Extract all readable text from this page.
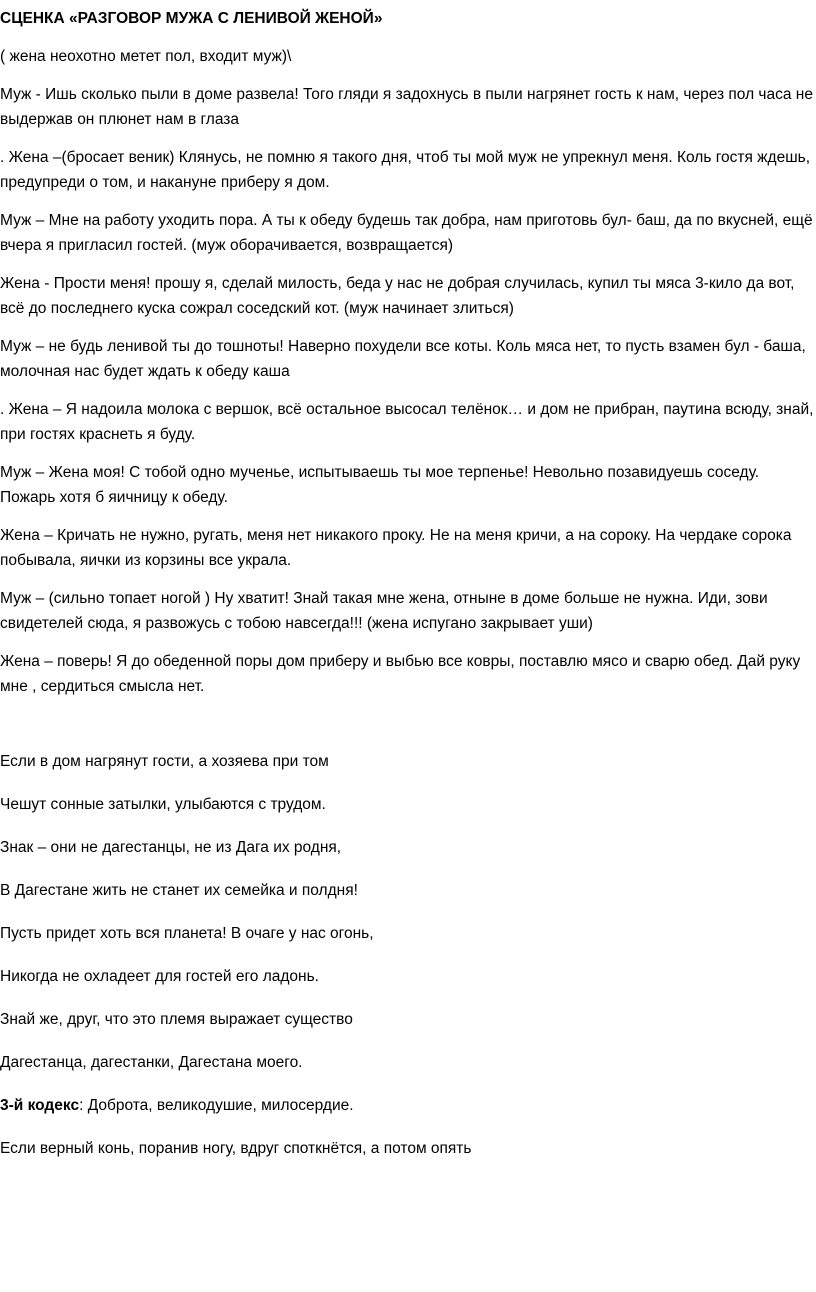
СЦЕНКА «РАЗГОВОР МУЖА С ЛЕНИВОЙ ЖЕНОЙ»
( жена неохотно метет пол, входит муж)\
Муж - Ишь сколько пыли в доме развела! Того гляди я задохнусь в пыли нагрянет гость к нам, через пол часа не выдержав он плюнет нам в глаза
. Жена –(бросает веник) Клянусь, не помню я такого дня, чтоб ты мой муж не упрекнул меня. Коль гостя ждешь, предупреди о том, и накануне приберу я дом.
Муж – Мне на работу уходить пора. А ты к обеду будешь так добра, нам приготовь бул- баш, да по вкусней, ещё вчера я пригласил гостей. (муж оборачивается, возвращается)
Жена - Прости меня! прошу я, сделай милость, беда у нас не добрая случилась, купил ты мяса 3-кило да вот, всё до последнего куска сожрал соседский кот. (муж начинает злиться)
Муж – не будь ленивой ты до тошноты! Наверно похудели все коты. Коль мяса нет, то пусть взамен бул - баша, молочная нас будет ждать к обеду каша
. Жена – Я надоила молока с вершок, всё остальное высосал телёнок… и дом не прибран, паутина всюду, знай, при гостях краснеть я буду.
Муж – Жена моя! С тобой одно мученье, испытываешь ты мое терпенье! Невольно позавидуешь соседу. Пожарь хотя б яичницу к обеду.
Жена – Кричать не нужно, ругать, меня нет никакого проку. Не на меня кричи, а на сороку. На чердаке сорока побывала, яички из корзины все украла.
Муж – (сильно топает ногой ) Ну хватит! Знай такая мне жена, отныне в доме больше не нужна. Иди, зови свидетелей сюда, я развожусь с тобою навсегда!!! (жена испугано закрывает уши)
Жена – поверь! Я до обеденной поры дом приберу и выбью все ковры, поставлю мясо и сварю обед. Дай руку мне , сердиться смысла нет.
Если в дом нагрянут гости, а хозяева при том
Чешут сонные затылки, улыбаются с трудом.
Знак – они не дагестанцы, не из Дага их родня,
В Дагестане жить не станет их семейка и полдня!
Пусть придет хоть вся планета! В очаге у нас огонь,
Никогда не охладеет для гостей его ладонь.
Знай же, друг, что это племя выражает существо
Дагестанца, дагестанки, Дагестана моего.
3-й кодекс: Доброта, великодушие, милосердие.
Если верный конь, поранив ногу, вдруг споткнётся, а потом опять
